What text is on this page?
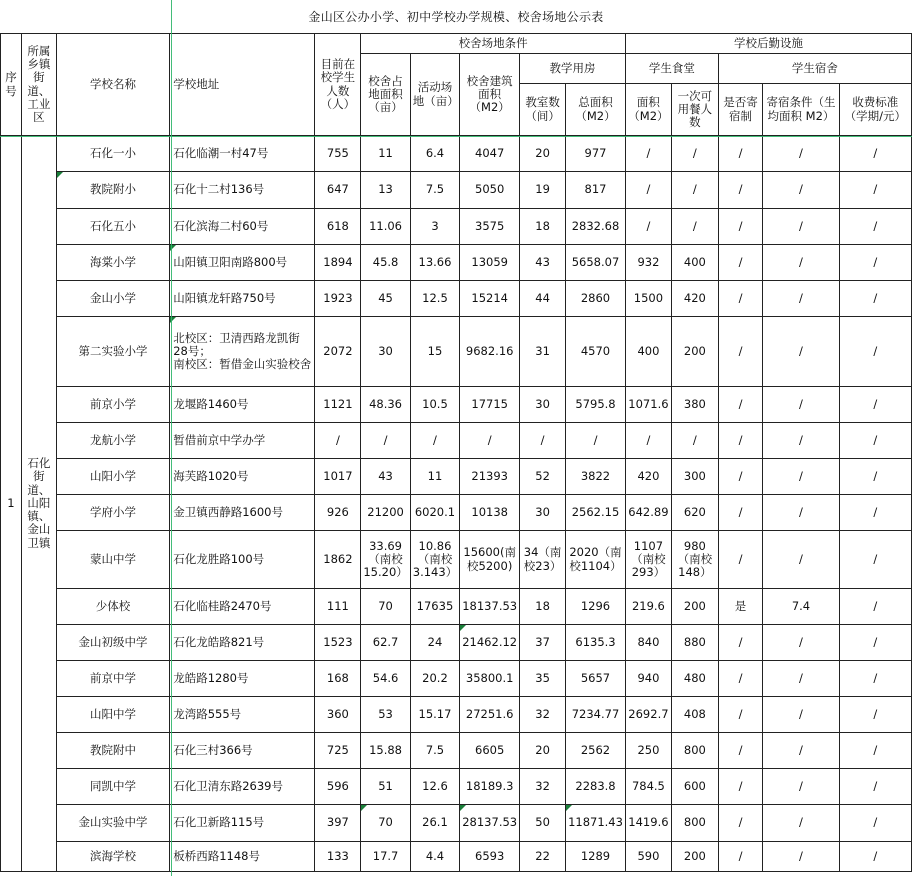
金山区公办小学、初中学校办学规模、校舍场地公示表
序号	所属乡镇街道、工业区	学校名称	学校地址	目前在校学生人数（人）	校舍场地条件					学校后勤设施				
					校舍占地面积（亩）	活动场地（亩）	校舍建筑面积（M2）	教学用房		学生食堂		学生宿舍		
								教室数（间）	总面积（M2）	面积（M2）	一次可用餐人数	是否寄宿制	寄宿条件（生均面积 M2）	收费标准（学期/元）
1	石化街道、山阳镇、金山卫镇	石化一小	石化临潮一村47号	755	11	6.4	4047	20	977	/	/	/	/	/
		教院附小	石化十二村136号	647	13	7.5	5050	19	817	/	/	/	/	/
		石化五小	石化滨海二村60号	618	11.06	3	3575	18	2832.68	/	/	/	/	/
		海棠小学	山阳镇卫阳南路800号	1894	45.8	13.66	13059	43	5658.07	932	400	/	/	/
		金山小学	山阳镇龙轩路750号	1923	45	12.5	15214	44	2860	1500	420	/	/	/
		第二实验小学	北校区：卫清西路龙凯街28号；
南校区：暂借金山实验校舍	2072	30	15	9682.16	31	4570	400	200	/	/	/
		前京小学	龙堰路1460号	1121	48.36	10.5	17715	30	5795.8	1071.6	380	/	/	/
		龙航小学	暂借前京中学办学	/	/	/	/	/	/	/	/	/	/	/
		山阳小学	海芙路1020号	1017	43	11	21393	52	3822	420	300	/	/	/
		学府小学	金卫镇西静路1600号	926	21200	6020.1	10138	30	2562.15	642.89	620	/	/	/
		蒙山中学	石化龙胜路100号	1862	33.69（南校15.20）	10.86（南校3.143）	15600(南校5200)	34（南校23）	2020（南校1104）	1107（南校293）	980（南校148）	/	/	/
		少体校	石化临桂路2470号	111	70	17635	18137.53	18	1296	219.6	200	是	7.4	/
		金山初级中学	石化龙皓路821号	1523	62.7	24	21462.12	37	6135.3	840	880	/	/	/
		前京中学	龙皓路1280号	168	54.6	20.2	35800.1	35	5657	940	480	/	/	/
		山阳中学	龙湾路555号	360	53	15.17	27251.6	32	7234.77	2692.7	408	/	/	/
		教院附中	石化三村366号	725	15.88	7.5	6605	20	2562	250	800	/	/	/
		同凯中学	石化卫清东路2639号	596	51	12.6	18189.3	32	2283.8	784.5	600	/	/	/
		金山实验中学	石化卫新路115号	397	70	26.1	28137.53	50	11871.43	1419.6	800	/	/	/
		滨海学校	板桥西路1148号	133	17.7	4.4	6593	22	1289	590	200	/	/	/
